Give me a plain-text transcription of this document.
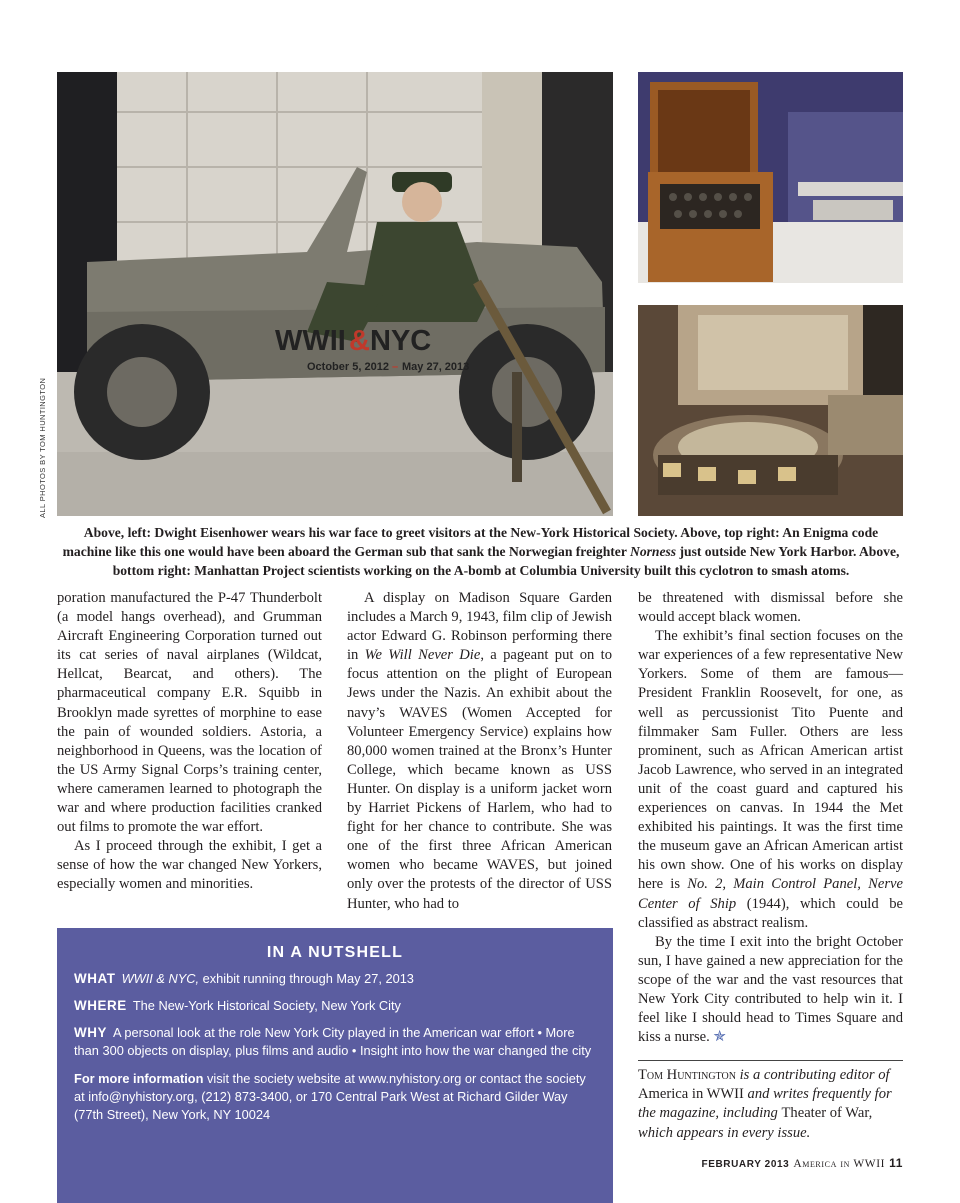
WWII & NYC
October 5, 2012 – May 27, 2013
ALL PHOTOS BY TOM HUNTINGTON
Above, left: Dwight Eisenhower wears his war face to greet visitors at the New-York Historical Society. Above, top right: An Enigma code machine like this one would have been aboard the German sub that sank the Norwegian freighter Norness just outside New York Harbor. Above, bottom right: Manhattan Project scientists working on the A-bomb at Columbia University built this cyclotron to smash atoms.

poration manufactured the P-47 Thunderbolt (a model hangs overhead), and Grumman Aircraft Engineering Corporation turned out its cat series of naval airplanes (Wildcat, Hellcat, Bearcat, and others). The pharmaceutical company E.R. Squibb in Brooklyn made syrettes of morphine to ease the pain of wounded soldiers. Astoria, a neighborhood in Queens, was the location of the US Army Signal Corps’s training center, where cameramen learned to photograph the war and where production facilities cranked out films to promote the war effort.

As I proceed through the exhibit, I get a sense of how the war changed New Yorkers, especially women and minorities.

A display on Madison Square Garden includes a March 9, 1943, film clip of Jewish actor Edward G. Robinson performing there in We Will Never Die, a pageant put on to focus attention on the plight of European Jews under the Nazis. An exhibit about the navy’s WAVES (Women Accepted for Volunteer Emergency Service) explains how 80,000 women trained at the Bronx’s Hunter College, which became known as USS Hunter. On display is a uniform jacket worn by Harriet Pickens of Harlem, who had to fight for her chance to contribute. She was one of the first three African American women who became WAVES, but joined only over the protests of the director of USS Hunter, who had to

be threatened with dismissal before she would accept black women.

The exhibit’s final section focuses on the war experiences of a few representative New Yorkers. Some of them are famous—President Franklin Roosevelt, for one, as well as percussionist Tito Puente and filmmaker Sam Fuller. Others are less prominent, such as African American artist Jacob Lawrence, who served in an integrated unit of the coast guard and captured his experiences on canvas. In 1944 the Met exhibited his paintings. It was the first time the museum gave an African American artist his own show. One of his works on display here is No. 2, Main Control Panel, Nerve Center of Ship (1944), which could be classified as abstract realism.

By the time I exit into the bright October sun, I have gained a new appreciation for the scope of the war and the vast resources that New York City contributed to help win it. I feel like I should head to Times Square and kiss a nurse. ✯

IN A NUTSHELL
WHAT WWII & NYC, exhibit running through May 27, 2013
WHERE The New-York Historical Society, New York City
WHY A personal look at the role New York City played in the American war effort • More than 300 objects on display, plus films and audio • Insight into how the war changed the city
For more information visit the society website at www.nyhistory.org or contact the society at info@nyhistory.org, (212) 873-3400, or 170 Central Park West at Richard Gilder Way (77th Street), New York, NY 10024
Tom Huntington is a contributing editor of America in WWII and writes frequently for the magazine, including Theater of War, which appears in every issue.
FEBRUARY 2013 America in WWII 11
